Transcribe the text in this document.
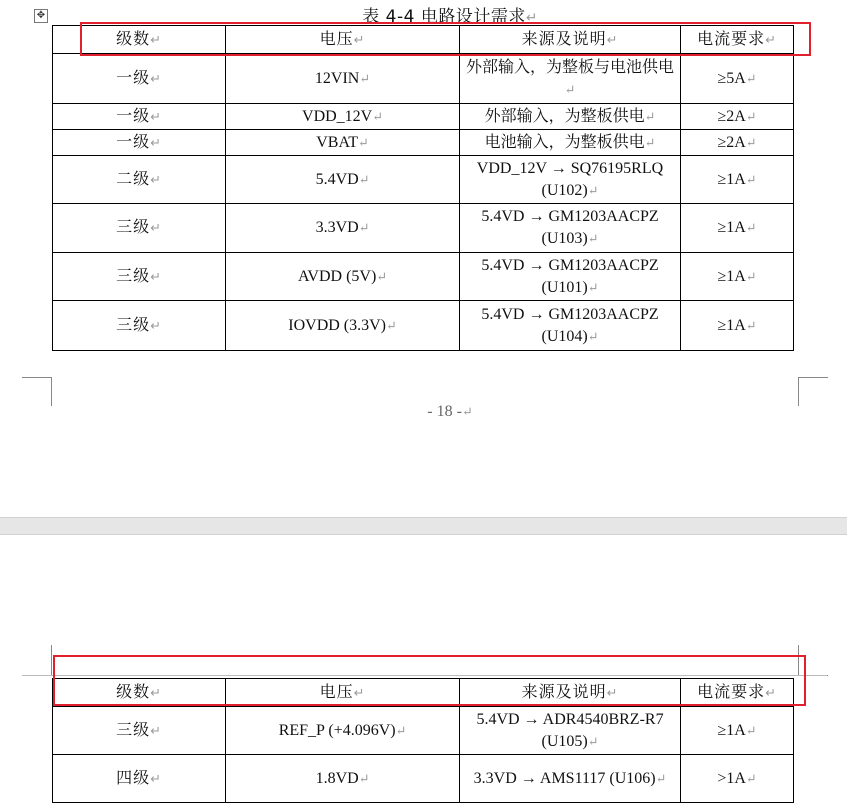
✥	表 4-4 电路设计需求↵
级数↵	电压↵	来源及说明↵	电流要求↵
一级↵	12VIN↵	外部输入，为整板与电池供电↵	≥5A↵
一级↵	VDD_12V↵	外部输入，为整板供电↵	≥2A↵
一级↵	VBAT↵	电池输入，为整板供电↵	≥2A↵
二级↵	5.4VD↵	VDD_12V → SQ76195RLQ (U102)↵	≥1A↵
三级↵	3.3VD↵	5.4VD → GM1203AACPZ (U103)↵	≥1A↵
三级↵	AVDD (5V)↵	5.4VD → GM1203AACPZ (U101)↵	≥1A↵
三级↵	IOVDD (3.3V)↵	5.4VD → GM1203AACPZ (U104)↵	≥1A↵
- 18 -↵
级数↵	电压↵	来源及说明↵	电流要求↵
三级↵	REF_P (+4.096V)↵	5.4VD → ADR4540BRZ-R7 (U105)↵	≥1A↵
四级↵	1.8VD↵	3.3VD → AMS1117 (U106)↵	>1A↵
